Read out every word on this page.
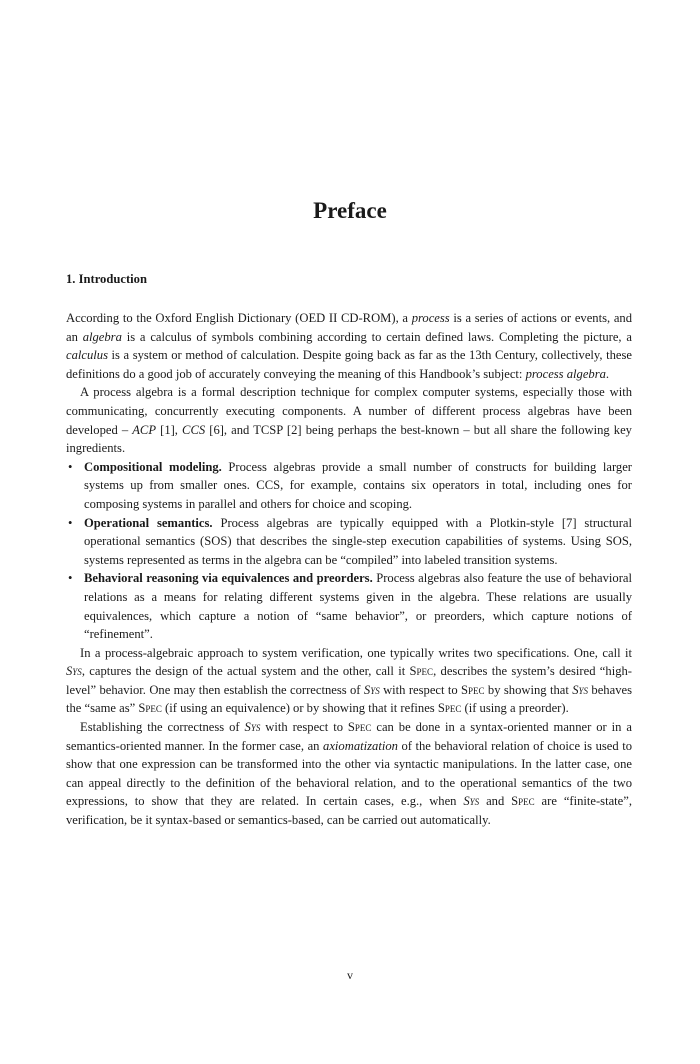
Preface
1. Introduction

According to the Oxford English Dictionary (OED II CD-ROM), a process is a series of actions or events, and an algebra is a calculus of symbols combining according to certain defined laws. Completing the picture, a calculus is a system or method of calculation. Despite going back as far as the 13th Century, collectively, these definitions do a good job of accurately conveying the meaning of this Handbook’s subject: process algebra.

A process algebra is a formal description technique for complex computer systems, especially those with communicating, concurrently executing components. A number of different process algebras have been developed – ACP [1], CCS [6], and TCSP [2] being perhaps the best-known – but all share the following key ingredients.

• Compositional modeling. Process algebras provide a small number of constructs for building larger systems up from smaller ones. CCS, for example, contains six operators in total, including ones for composing systems in parallel and others for choice and scoping.
• Operational semantics. Process algebras are typically equipped with a Plotkin-style [7] structural operational semantics (SOS) that describes the single-step execution capabilities of systems. Using SOS, systems represented as terms in the algebra can be “compiled” into labeled transition systems.
• Behavioral reasoning via equivalences and preorders. Process algebras also feature the use of behavioral relations as a means for relating different systems given in the algebra. These relations are usually equivalences, which capture a notion of “same behavior”, or preorders, which capture notions of “refinement”.

In a process-algebraic approach to system verification, one typically writes two specifications. One, call it Sys, captures the design of the actual system and the other, call it Spec, describes the system’s desired “high-level” behavior. One may then establish the correctness of Sys with respect to Spec by showing that Sys behaves the “same as” Spec (if using an equivalence) or by showing that it refines Spec (if using a preorder).

Establishing the correctness of Sys with respect to Spec can be done in a syntax-oriented manner or in a semantics-oriented manner. In the former case, an axiomatization of the behavioral relation of choice is used to show that one expression can be transformed into the other via syntactic manipulations. In the latter case, one can appeal directly to the definition of the behavioral relation, and to the operational semantics of the two expressions, to show that they are related. In certain cases, e.g., when Sys and Spec are “finite-state”, verification, be it syntax-based or semantics-based, can be carried out automatically.

v
